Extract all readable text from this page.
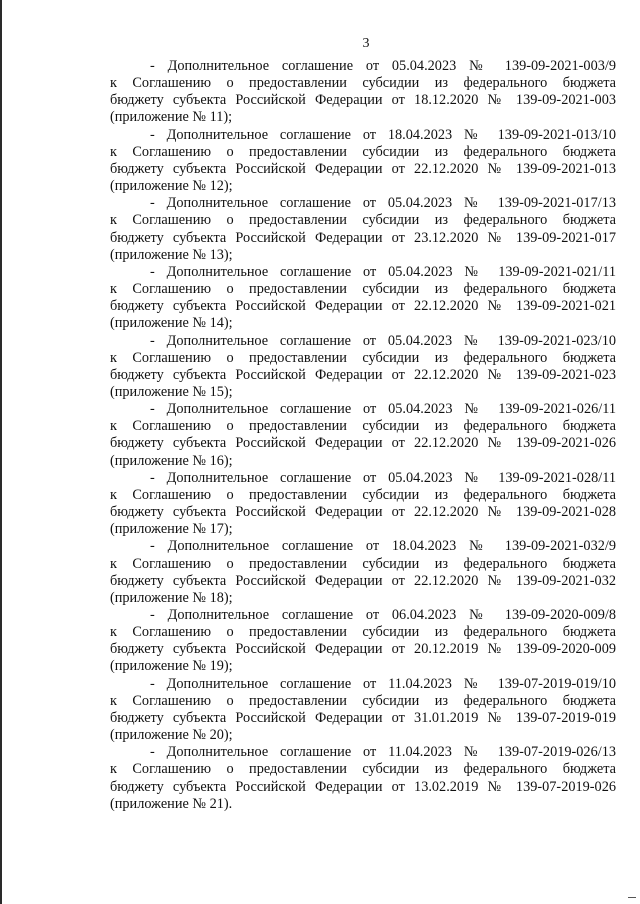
3

- Дополнительное соглашение от 05.04.2023 № 139-09-2021-003/9
к Соглашению о предоставлении субсидии из федерального бюджета
бюджету субъекта Российской Федерации от 18.12.2020 № 139-09-2021-003
(приложение № 11);

- Дополнительное соглашение от 18.04.2023 № 139-09-2021-013/10
к Соглашению о предоставлении субсидии из федерального бюджета
бюджету субъекта Российской Федерации от 22.12.2020 № 139-09-2021-013
(приложение № 12);

- Дополнительное соглашение от 05.04.2023 № 139-09-2021-017/13
к Соглашению о предоставлении субсидии из федерального бюджета
бюджету субъекта Российской Федерации от 23.12.2020 № 139-09-2021-017
(приложение № 13);

- Дополнительное соглашение от 05.04.2023 № 139-09-2021-021/11
к Соглашению о предоставлении субсидии из федерального бюджета
бюджету субъекта Российской Федерации от 22.12.2020 № 139-09-2021-021
(приложение № 14);

- Дополнительное соглашение от 05.04.2023 № 139-09-2021-023/10
к Соглашению о предоставлении субсидии из федерального бюджета
бюджету субъекта Российской Федерации от 22.12.2020 № 139-09-2021-023
(приложение № 15);

- Дополнительное соглашение от 05.04.2023 № 139-09-2021-026/11
к Соглашению о предоставлении субсидии из федерального бюджета
бюджету субъекта Российской Федерации от 22.12.2020 № 139-09-2021-026
(приложение № 16);

- Дополнительное соглашение от 05.04.2023 № 139-09-2021-028/11
к Соглашению о предоставлении субсидии из федерального бюджета
бюджету субъекта Российской Федерации от 22.12.2020 № 139-09-2021-028
(приложение № 17);

- Дополнительное соглашение от 18.04.2023 № 139-09-2021-032/9
к Соглашению о предоставлении субсидии из федерального бюджета
бюджету субъекта Российской Федерации от 22.12.2020 № 139-09-2021-032
(приложение № 18);

- Дополнительное соглашение от 06.04.2023 № 139-09-2020-009/8
к Соглашению о предоставлении субсидии из федерального бюджета
бюджету субъекта Российской Федерации от 20.12.2019 № 139-09-2020-009
(приложение № 19);

- Дополнительное соглашение от 11.04.2023 № 139-07-2019-019/10
к Соглашению о предоставлении субсидии из федерального бюджета
бюджету субъекта Российской Федерации от 31.01.2019 № 139-07-2019-019
(приложение № 20);

- Дополнительное соглашение от 11.04.2023 № 139-07-2019-026/13
к Соглашению о предоставлении субсидии из федерального бюджета
бюджету субъекта Российской Федерации от 13.02.2019 № 139-07-2019-026
(приложение № 21).
